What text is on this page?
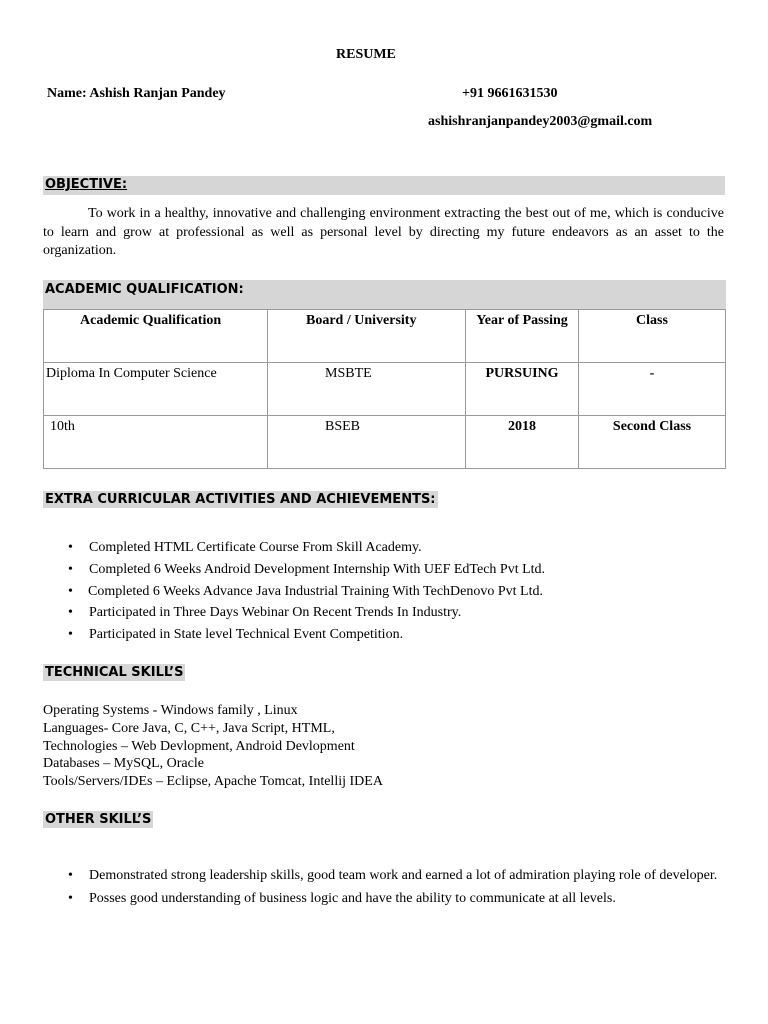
RESUME
Name: Ashish Ranjan Pandey	+91 9661631530
ashishranjanpandey2003@gmail.com
OBJECTIVE:
To work in a healthy, innovative and challenging environment extracting the best out of me, which is conducive to learn and grow at professional as well as personal level by directing my future endeavors as an asset to the organization.
ACADEMIC QUALIFICATION:
Academic Qualification	Board / University	Year of Passing	Class

Diploma In Computer Science	MSBTE	PURSUING	-

10th	BSEB	2018	Second Class
EXTRA CURRICULAR ACTIVITIES AND ACHIEVEMENTS:
• Completed HTML Certificate Course From Skill Academy.
• Completed 6 Weeks Android Development Internship With UEF EdTech Pvt Ltd.
• Completed 6 Weeks Advance Java Industrial Training With TechDenovo Pvt Ltd.
• Participated in Three Days Webinar On Recent Trends In Industry.
• Participated in State level Technical Event Competition.
TECHNICAL SKILL’S
Operating Systems - Windows family , Linux
Languages- Core Java, C, C++, Java Script, HTML,
Technologies – Web Devlopment, Android Devlopment
Databases – MySQL, Oracle
Tools/Servers/IDEs – Eclipse, Apache Tomcat, Intellij IDEA
OTHER SKILL’S
• Demonstrated strong leadership skills, good team work and earned a lot of admiration playing role of developer.
• Posses good understanding of business logic and have the ability to communicate at all levels.
